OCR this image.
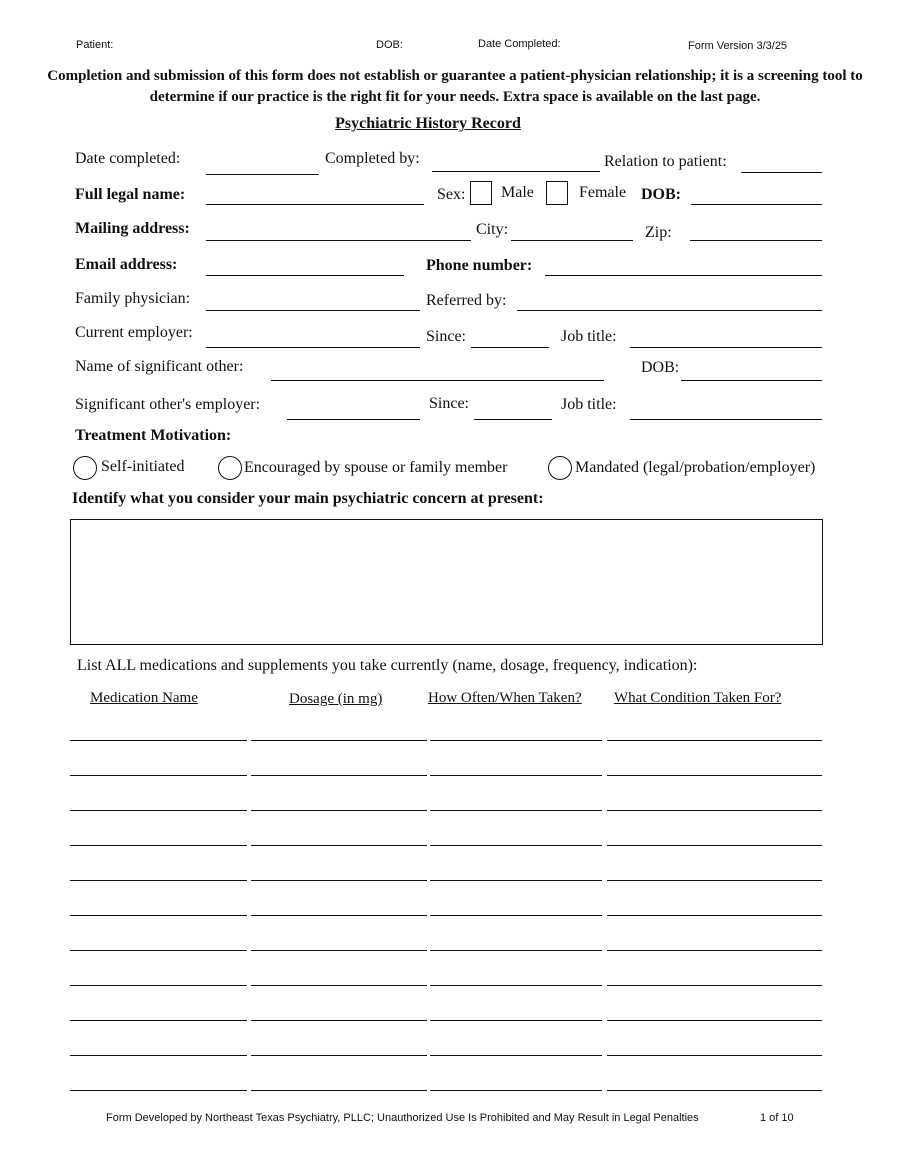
Patient:	DOB:	Date Completed:	Form Version 3/3/25
Completion and submission of this form does not establish or guarantee a patient-physician relationship; it is a screening tool to determine if our practice is the right fit for your needs. Extra space is available on the last page.
Psychiatric History Record
Date completed:	Completed by:	Relation to patient:
Full legal name:	Sex: Male	Female DOB:
Mailing address:	City:	Zip:
Email address:	Phone number:
Family physician:	Referred by:
Current employer:	Since:	Job title:
Name of significant other:	DOB:
Significant other's employer:	Since:	Job title:
Treatment Motivation:
Self-initiated	Encouraged by spouse or family member	Mandated (legal/probation/employer)
Identify what you consider your main psychiatric concern at present:
List ALL medications and supplements you take currently (name, dosage, frequency, indication):
Medication Name	Dosage (in mg)	How Often/When Taken? What Condition Taken For?
Form Developed by Northeast Texas Psychiatry, PLLC; Unauthorized Use Is Prohibited and May Result in Legal Penalties	1 of 10
